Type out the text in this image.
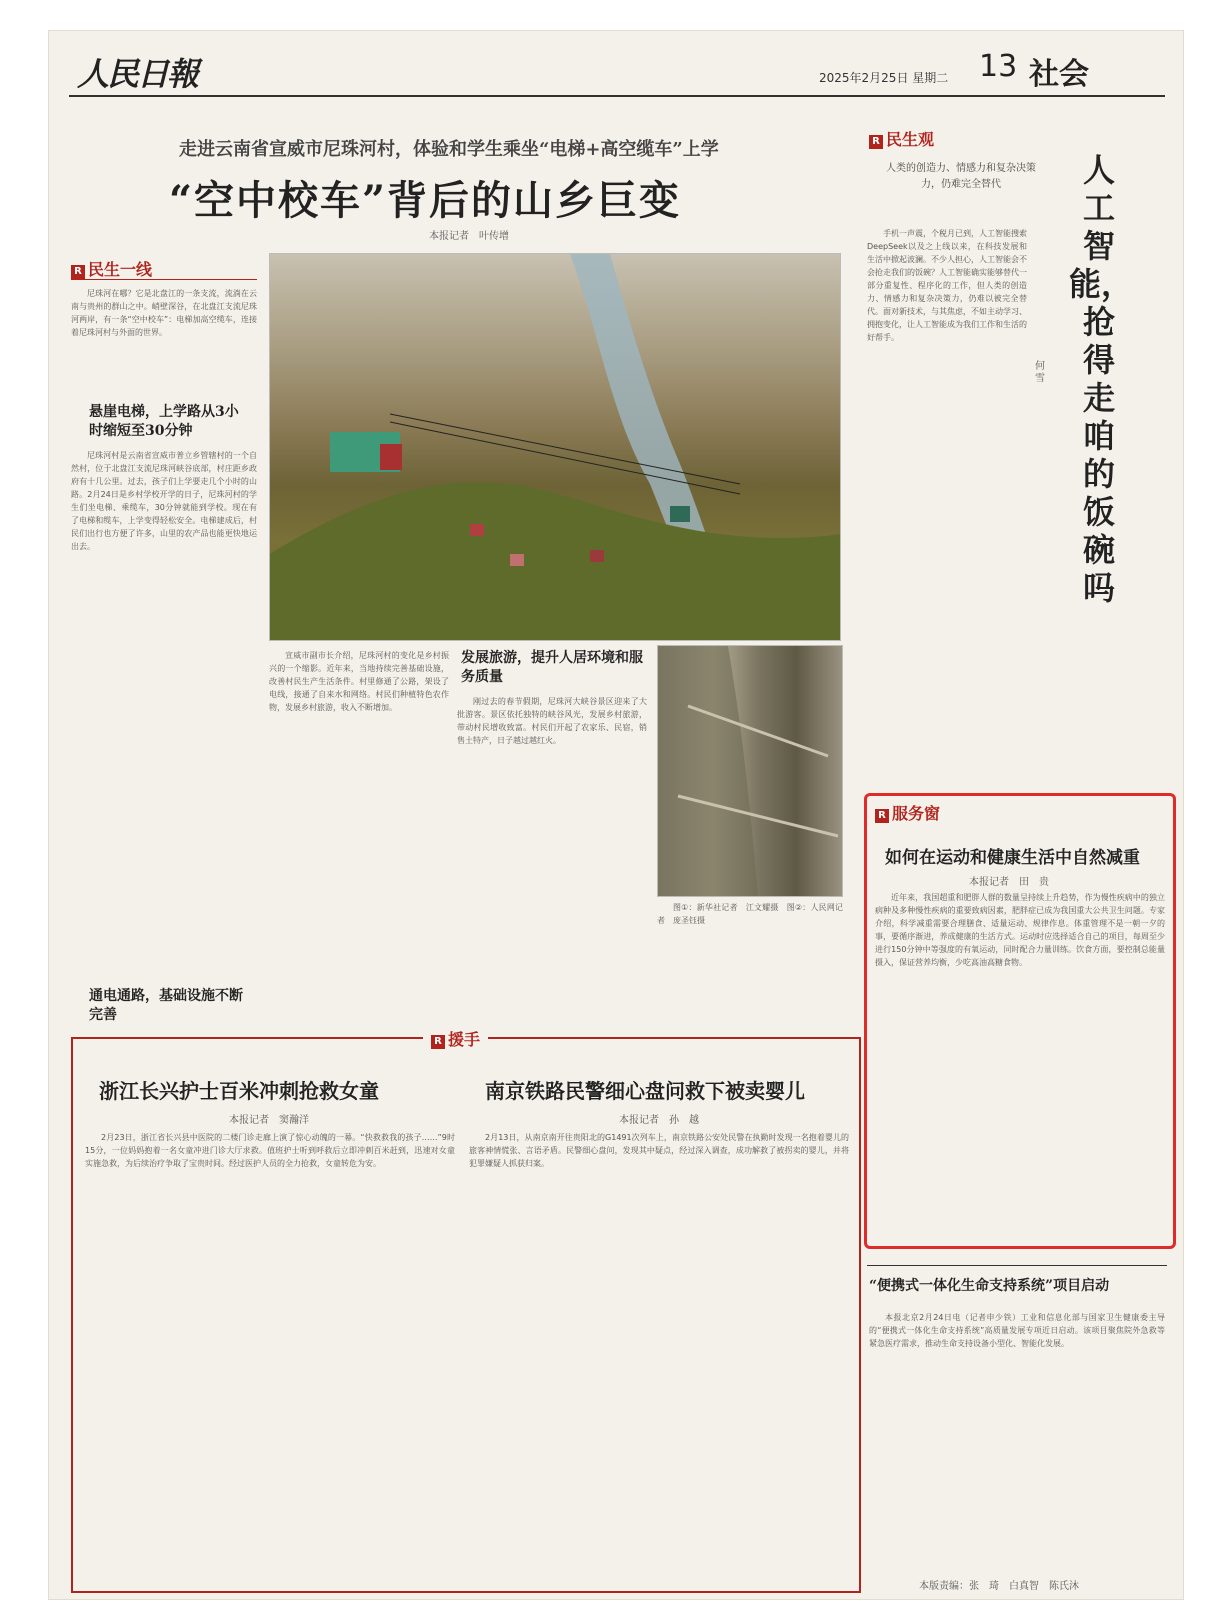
人民日報	2025年2月25日 星期二 13 社会
走进云南省宣威市尼珠河村，体验和学生乘坐“电梯+高空缆车”上学
“空中校车”背后的山乡巨变
本报记者　叶传增
R 民生一线

尼珠河在哪？它是北盘江的一条支流，流淌在云南与贵州的群山之中。峭壁深谷，在北盘江支流尼珠河两岸，有一条“空中校车”：电梯加高空缆车，连接着尼珠河村与外面的世界。

悬崖电梯，上学路从3小时缩短至30分钟

尼珠河村是云南省宣威市普立乡管辖村的一个自然村，位于北盘江支流尼珠河峡谷底部，村庄距乡政府有十几公里。过去，孩子们上学要走几个小时的山路。2月24日是乡村学校开学的日子，尼珠河村的学生们坐电梯、乘缆车，30分钟就能到学校。现在有了电梯和缆车，上学变得轻松安全。电梯建成后，村民们出行也方便了许多，山里的农产品也能更快地运出去。

通电通路，基础设施不断完善

宣威市副市长介绍，尼珠河村的变化是乡村振兴的一个缩影。近年来，当地持续完善基础设施，改善村民生产生活条件。村里修通了公路，架设了电线，接通了自来水和网络。村民们种植特色农作物，发展乡村旅游，收入不断增加。

发展旅游，提升人居环境和服务质量

刚过去的春节假期，尼珠河大峡谷景区迎来了大批游客。景区依托独特的峡谷风光，发展乡村旅游，带动村民增收致富。村民们开起了农家乐、民宿，销售土特产，日子越过越红火。

图①：新华社记者　江文耀摄　图②：人民网记者　庞圣钰摄

R 民生观
人类的创造力、情感力和复杂决策力，仍难完全替代	人工智能，抢得走咱的饭碗吗
何　雪

手机一声震，个税月已到，人工智能搜索DeepSeek以及之上线以来，在科技发展和生活中掀起波澜。不少人担心，人工智能会不会抢走我们的饭碗？人工智能确实能够替代一部分重复性、程序化的工作，但人类的创造力、情感力和复杂决策力，仍难以被完全替代。面对新技术，与其焦虑，不如主动学习、拥抱变化，让人工智能成为我们工作和生活的好帮手。

R 服务窗
如何在运动和健康生活中自然减重
本报记者　田　贵

近年来，我国超重和肥胖人群的数量呈持续上升趋势，作为慢性疾病中的独立病种及多种慢性疾病的重要致病因素，肥胖症已成为我国重大公共卫生问题。专家介绍，科学减重需要合理膳食、适量运动、规律作息。体重管理不是一朝一夕的事，要循序渐进，养成健康的生活方式。运动时应选择适合自己的项目，每周至少进行150分钟中等强度的有氧运动，同时配合力量训练。饮食方面，要控制总能量摄入，保证营养均衡，少吃高油高糖食物。

“便携式一体化生命支持系统”项目启动

本报北京2月24日电（记者申少铁）工业和信息化部与国家卫生健康委主导的“便携式一体化生命支持系统”高质量发展专项近日启动。该项目聚焦院外急救等紧急医疗需求，推动生命支持设备小型化、智能化发展。

本版责编：张　琦　白真智　陈氏沐
R 援手
浙江长兴护士百米冲刺抢救女童
本报记者　窦瀚洋

2月23日，浙江省长兴县中医院的二楼门诊走廊上演了惊心动魄的一幕。“快救救我的孩子……”9时15分，一位妈妈抱着一名女童冲进门诊大厅求救。值班护士听到呼救后立即冲刺百米赶到，迅速对女童实施急救，为后续治疗争取了宝贵时间。经过医护人员的全力抢救，女童转危为安。

南京铁路民警细心盘问救下被卖婴儿
本报记者　孙　越

2月13日，从南京南开往贵阳北的G1491次列车上，南京铁路公安处民警在执勤时发现一名抱着婴儿的旅客神情慌张、言语矛盾。民警细心盘问，发现其中疑点，经过深入调查，成功解救了被拐卖的婴儿，并将犯罪嫌疑人抓获归案。
